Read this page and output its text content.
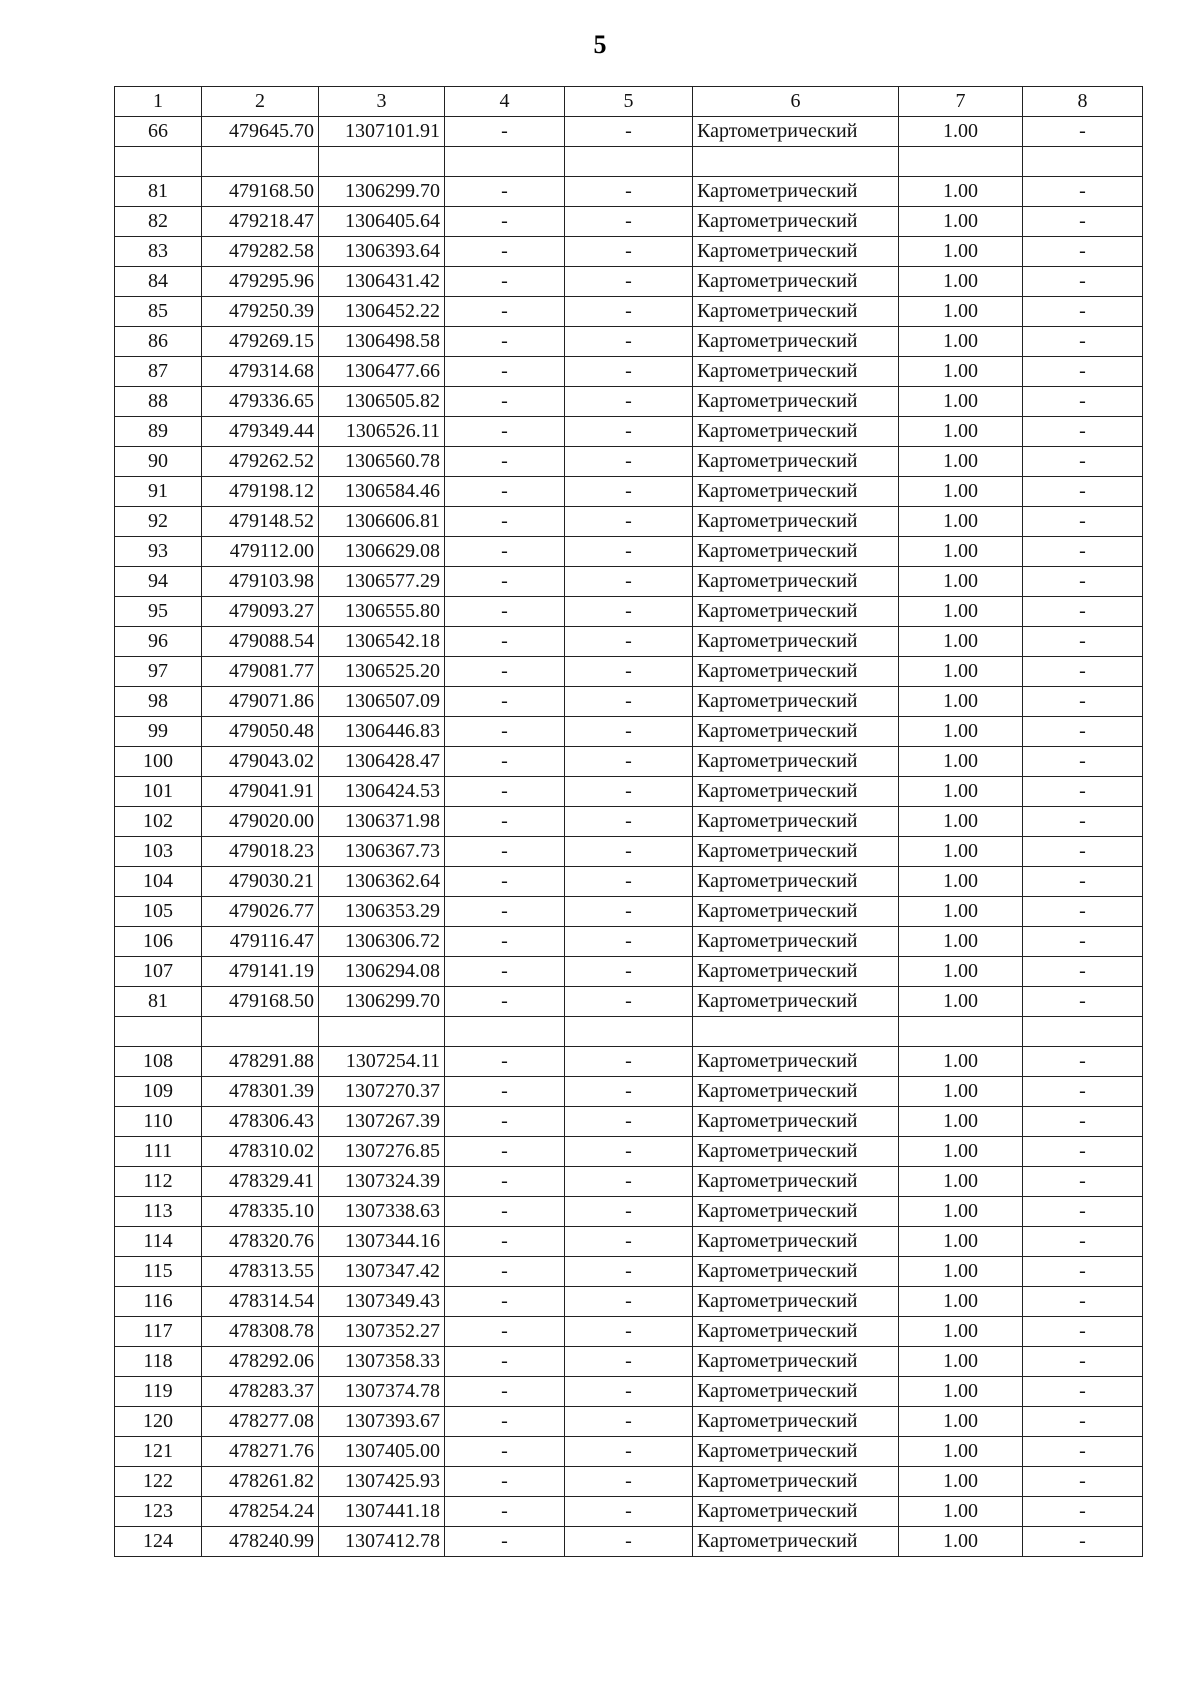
5
1	2	3	4	5	6	7	8
66	479645.70	1307101.91	-	-	Картометрический	1.00	-

81	479168.50	1306299.70	-	-	Картометрический	1.00	-
82	479218.47	1306405.64	-	-	Картометрический	1.00	-
83	479282.58	1306393.64	-	-	Картометрический	1.00	-
84	479295.96	1306431.42	-	-	Картометрический	1.00	-
85	479250.39	1306452.22	-	-	Картометрический	1.00	-
86	479269.15	1306498.58	-	-	Картометрический	1.00	-
87	479314.68	1306477.66	-	-	Картометрический	1.00	-
88	479336.65	1306505.82	-	-	Картометрический	1.00	-
89	479349.44	1306526.11	-	-	Картометрический	1.00	-
90	479262.52	1306560.78	-	-	Картометрический	1.00	-
91	479198.12	1306584.46	-	-	Картометрический	1.00	-
92	479148.52	1306606.81	-	-	Картометрический	1.00	-
93	479112.00	1306629.08	-	-	Картометрический	1.00	-
94	479103.98	1306577.29	-	-	Картометрический	1.00	-
95	479093.27	1306555.80	-	-	Картометрический	1.00	-
96	479088.54	1306542.18	-	-	Картометрический	1.00	-
97	479081.77	1306525.20	-	-	Картометрический	1.00	-
98	479071.86	1306507.09	-	-	Картометрический	1.00	-
99	479050.48	1306446.83	-	-	Картометрический	1.00	-
100	479043.02	1306428.47	-	-	Картометрический	1.00	-
101	479041.91	1306424.53	-	-	Картометрический	1.00	-
102	479020.00	1306371.98	-	-	Картометрический	1.00	-
103	479018.23	1306367.73	-	-	Картометрический	1.00	-
104	479030.21	1306362.64	-	-	Картометрический	1.00	-
105	479026.77	1306353.29	-	-	Картометрический	1.00	-
106	479116.47	1306306.72	-	-	Картометрический	1.00	-
107	479141.19	1306294.08	-	-	Картометрический	1.00	-
81	479168.50	1306299.70	-	-	Картометрический	1.00	-

108	478291.88	1307254.11	-	-	Картометрический	1.00	-
109	478301.39	1307270.37	-	-	Картометрический	1.00	-
110	478306.43	1307267.39	-	-	Картометрический	1.00	-
111	478310.02	1307276.85	-	-	Картометрический	1.00	-
112	478329.41	1307324.39	-	-	Картометрический	1.00	-
113	478335.10	1307338.63	-	-	Картометрический	1.00	-
114	478320.76	1307344.16	-	-	Картометрический	1.00	-
115	478313.55	1307347.42	-	-	Картометрический	1.00	-
116	478314.54	1307349.43	-	-	Картометрический	1.00	-
117	478308.78	1307352.27	-	-	Картометрический	1.00	-
118	478292.06	1307358.33	-	-	Картометрический	1.00	-
119	478283.37	1307374.78	-	-	Картометрический	1.00	-
120	478277.08	1307393.67	-	-	Картометрический	1.00	-
121	478271.76	1307405.00	-	-	Картометрический	1.00	-
122	478261.82	1307425.93	-	-	Картометрический	1.00	-
123	478254.24	1307441.18	-	-	Картометрический	1.00	-
124	478240.99	1307412.78	-	-	Картометрический	1.00	-
